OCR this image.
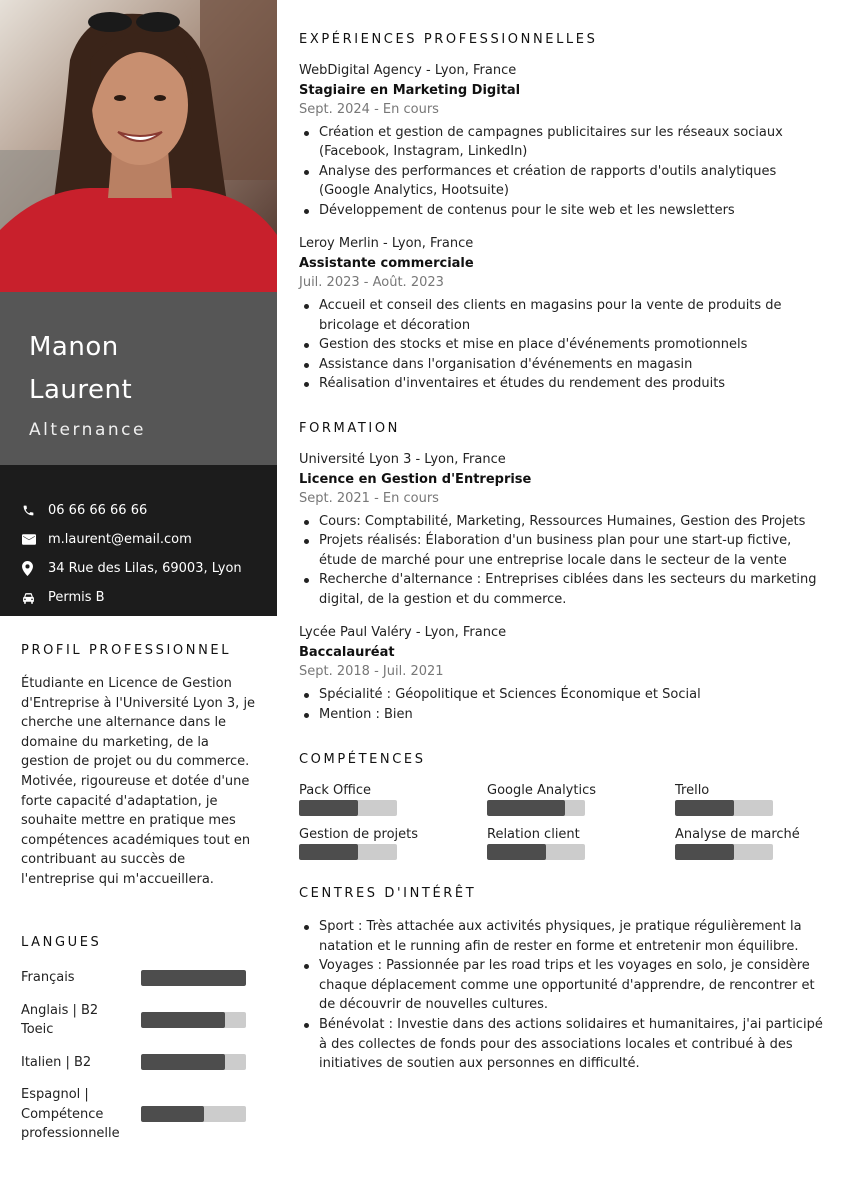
Manon
Laurent
Alternance
06 66 66 66 66
m.laurent@email.com
34 Rue des Lilas, 69003, Lyon
Permis B
PROFIL PROFESSIONNEL

Étudiante en Licence de Gestion d'Entreprise à l'Université Lyon 3, je cherche une alternance dans le domaine du marketing, de la gestion de projet ou du commerce. Motivée, rigoureuse et dotée d'une forte capacité d'adaptation, je souhaite mettre en pratique mes compétences académiques tout en contribuant au succès de l'entreprise qui m'accueillera.

LANGUES
Français
Anglais | B2 Toeic
Italien | B2
Espagnol | Compétence professionnelle
EXPÉRIENCES PROFESSIONNELLES
WebDigital Agency - Lyon, France
Stagiaire en Marketing Digital
Sept. 2024 - En cours
Création et gestion de campagnes publicitaires sur les réseaux sociaux (Facebook, Instagram, LinkedIn)
Analyse des performances et création de rapports d'outils analytiques (Google Analytics, Hootsuite)
Développement de contenus pour le site web et les newsletters
Leroy Merlin - Lyon, France
Assistante commerciale
Juil. 2023 - Août. 2023
Accueil et conseil des clients en magasins pour la vente de produits de bricolage et décoration
Gestion des stocks et mise en place d'événements promotionnels
Assistance dans l'organisation d'événements en magasin
Réalisation d'inventaires et études du rendement des produits
FORMATION
Université Lyon 3 - Lyon, France
Licence en Gestion d'Entreprise
Sept. 2021 - En cours
Cours: Comptabilité, Marketing, Ressources Humaines, Gestion des Projets
Projets réalisés: Élaboration d'un business plan pour une start-up fictive, étude de marché pour une entreprise locale dans le secteur de la vente
Recherche d'alternance : Entreprises ciblées dans les secteurs du marketing digital, de la gestion et du commerce.
Lycée Paul Valéry - Lyon, France
Baccalauréat
Sept. 2018 - Juil. 2021
Spécialité : Géopolitique et Sciences Économique et Social
Mention : Bien
COMPÉTENCES
Pack Office	Google Analytics	Trello
Gestion de projets	Relation client	Analyse de marché
CENTRES D'INTÉRÊT
Sport : Très attachée aux activités physiques, je pratique régulièrement la natation et le running afin de rester en forme et entretenir mon équilibre.
Voyages : Passionnée par les road trips et les voyages en solo, je considère chaque déplacement comme une opportunité d'apprendre, de rencontrer et de découvrir de nouvelles cultures.
Bénévolat : Investie dans des actions solidaires et humanitaires, j'ai participé à des collectes de fonds pour des associations locales et contribué à des initiatives de soutien aux personnes en difficulté.
